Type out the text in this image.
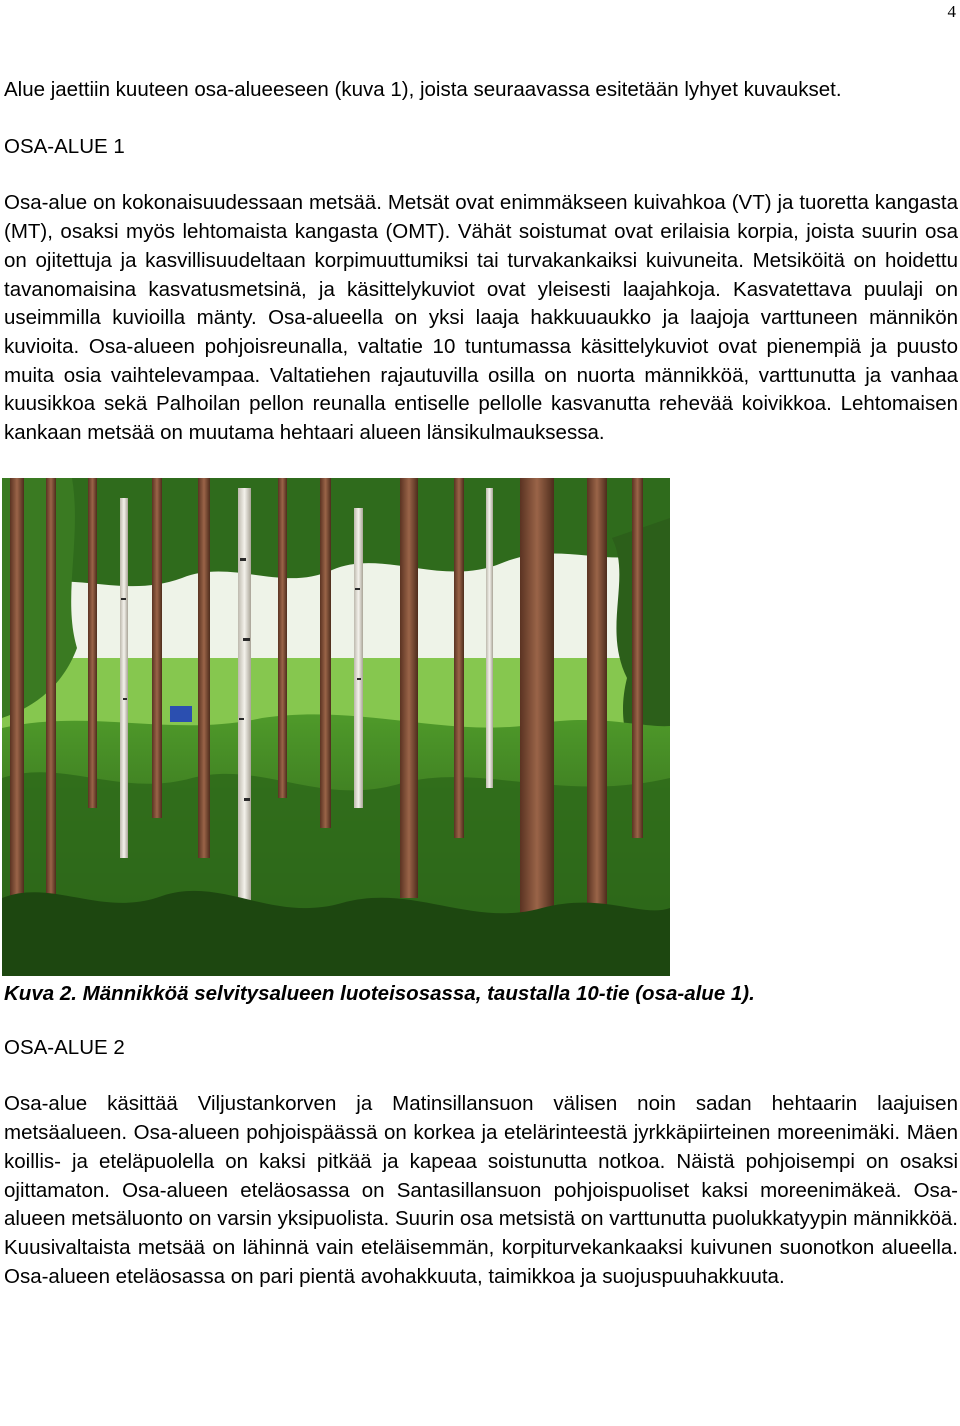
4

Alue jaettiin kuuteen osa-alueeseen (kuva 1), joista seuraavassa esitetään lyhyet kuvaukset.

OSA-ALUE 1

Osa-alue on kokonaisuudessaan metsää. Metsät ovat enimmäkseen kuivahkoa (VT) ja tuoretta kangasta (MT), osaksi myös lehtomaista kangasta (OMT). Vähät soistumat ovat erilaisia korpia, joista suurin osa on ojitettuja ja kasvillisuudeltaan korpimuuttumiksi tai turvakankaiksi kuivuneita. Metsiköitä on hoidettu tavanomaisina kasvatusmetsinä, ja käsittelykuviot ovat yleisesti laajahkoja. Kasvatettava puulaji on useimmilla kuvioilla mänty. Osa-alueella on yksi laaja hakkuuaukko ja laajoja varttuneen männikön kuvioita. Osa-alueen pohjoisreunalla, valtatie 10 tuntumassa käsittelykuviot ovat pienempiä ja puusto muita osia vaihtelevampaa. Valtatiehen rajautuvilla osilla on nuorta männikköä, varttunutta ja vanhaa kuusikkoa sekä Palhoilan pellon reunalla entiselle pellolle kasvanutta rehevää koivikkoa. Lehtomaisen kankaan metsää on muutama hehtaari alueen länsikulmauksessa.

Kuva 2. Männikköä selvitysalueen luoteisosassa, taustalla 10-tie (osa-alue 1).
OSA-ALUE 2

Osa-alue käsittää Viljustankorven ja Matinsillansuon välisen noin sadan hehtaarin laajuisen metsäalueen. Osa-alueen pohjoispäässä on korkea ja etelärinteestä jyrkkäpiirteinen moreenimäki. Mäen koillis- ja eteläpuolella on kaksi pitkää ja kapeaa soistunutta notkoa. Näistä pohjoisempi on osaksi ojittamaton. Osa-alueen eteläosassa on Santasillansuon pohjoispuoliset kaksi moreenimäkeä. Osa-alueen metsäluonto on varsin yksipuolista. Suurin osa metsistä on varttunutta puolukkatyypin männikköä. Kuusivaltaista metsää on lähinnä vain eteläisemmän, korpiturvekankaaksi kuivunen suonotkon alueella. Osa-alueen eteläosassa on pari pientä avohakkuuta, taimikkoa ja suojuspuuhakkuuta.
